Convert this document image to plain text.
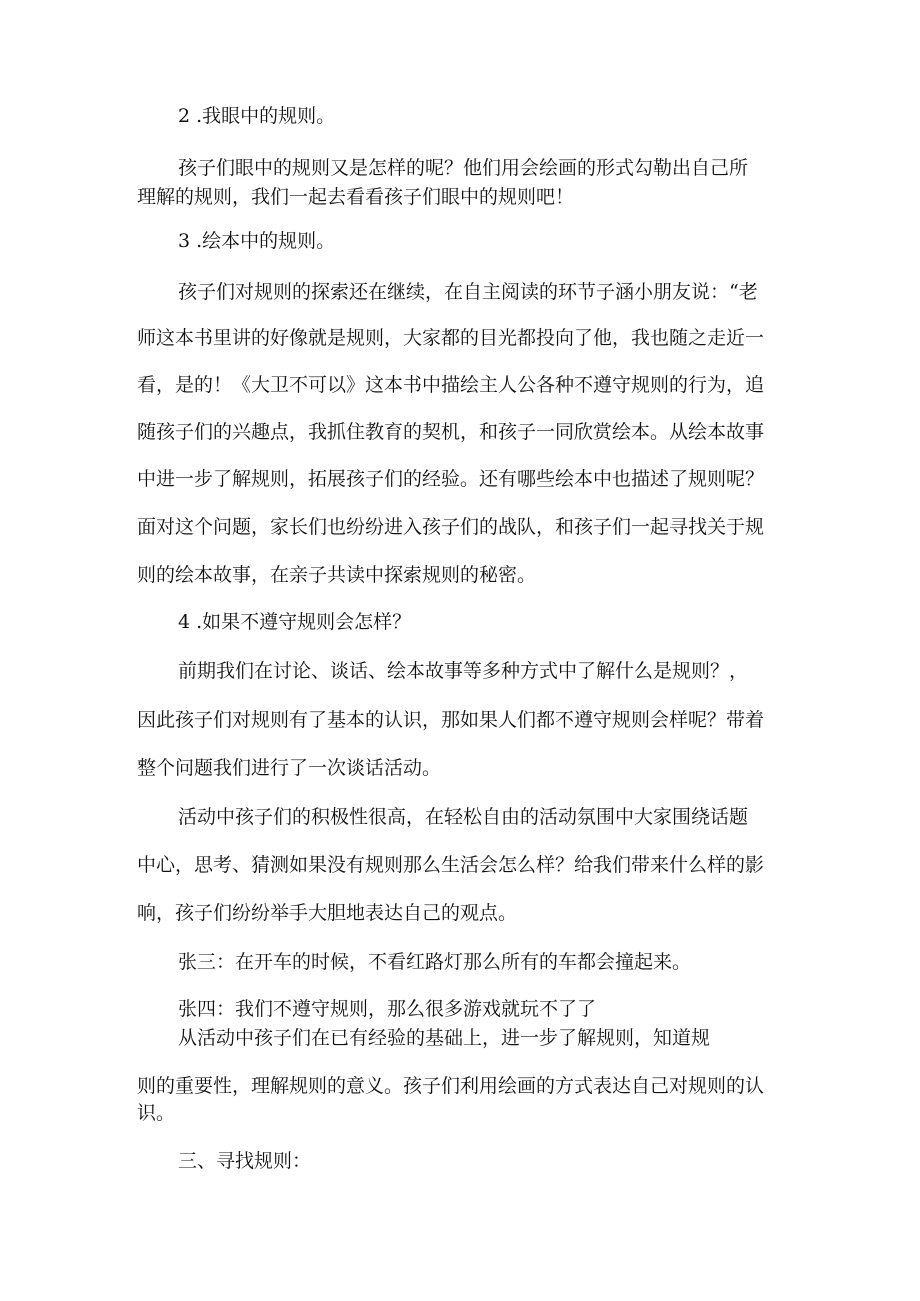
2 .我眼中的规则。

孩子们眼中的规则又是怎样的呢？他们用会绘画的形式勾勒出自己所

理解的规则，我们一起去看看孩子们眼中的规则吧！

3 .绘本中的规则。

孩子们对规则的探索还在继续，在自主阅读的环节子涵小朋友说：“老

师这本书里讲的好像就是规则，大家都的目光都投向了他，我也随之走近一

看，是的！《大卫不可以》这本书中描绘主人公各种不遵守规则的行为，追

随孩子们的兴趣点，我抓住教育的契机，和孩子一同欣赏绘本。从绘本故事

中进一步了解规则，拓展孩子们的经验。还有哪些绘本中也描述了规则呢？

面对这个问题，家长们也纷纷进入孩子们的战队，和孩子们一起寻找关于规

则的绘本故事，在亲子共读中探索规则的秘密。

4 .如果不遵守规则会怎样？

前期我们在讨论、谈话、绘本故事等多种方式中了解什么是规则？，

因此孩子们对规则有了基本的认识，那如果人们都不遵守规则会样呢？带着

整个问题我们进行了一次谈话活动。

活动中孩子们的积极性很高，在轻松自由的活动氛围中大家围绕话题

中心，思考、猜测如果没有规则那么生活会怎么样？给我们带来什么样的影

响，孩子们纷纷举手大胆地表达自己的观点。

张三：在开车的时候，不看红路灯那么所有的车都会撞起来。

张四：我们不遵守规则，那么很多游戏就玩不了了

从活动中孩子们在已有经验的基础上，进一步了解规则，知道规

则的重要性，理解规则的意义。孩子们利用绘画的方式表达自己对规则的认

识。

三、寻找规则：
